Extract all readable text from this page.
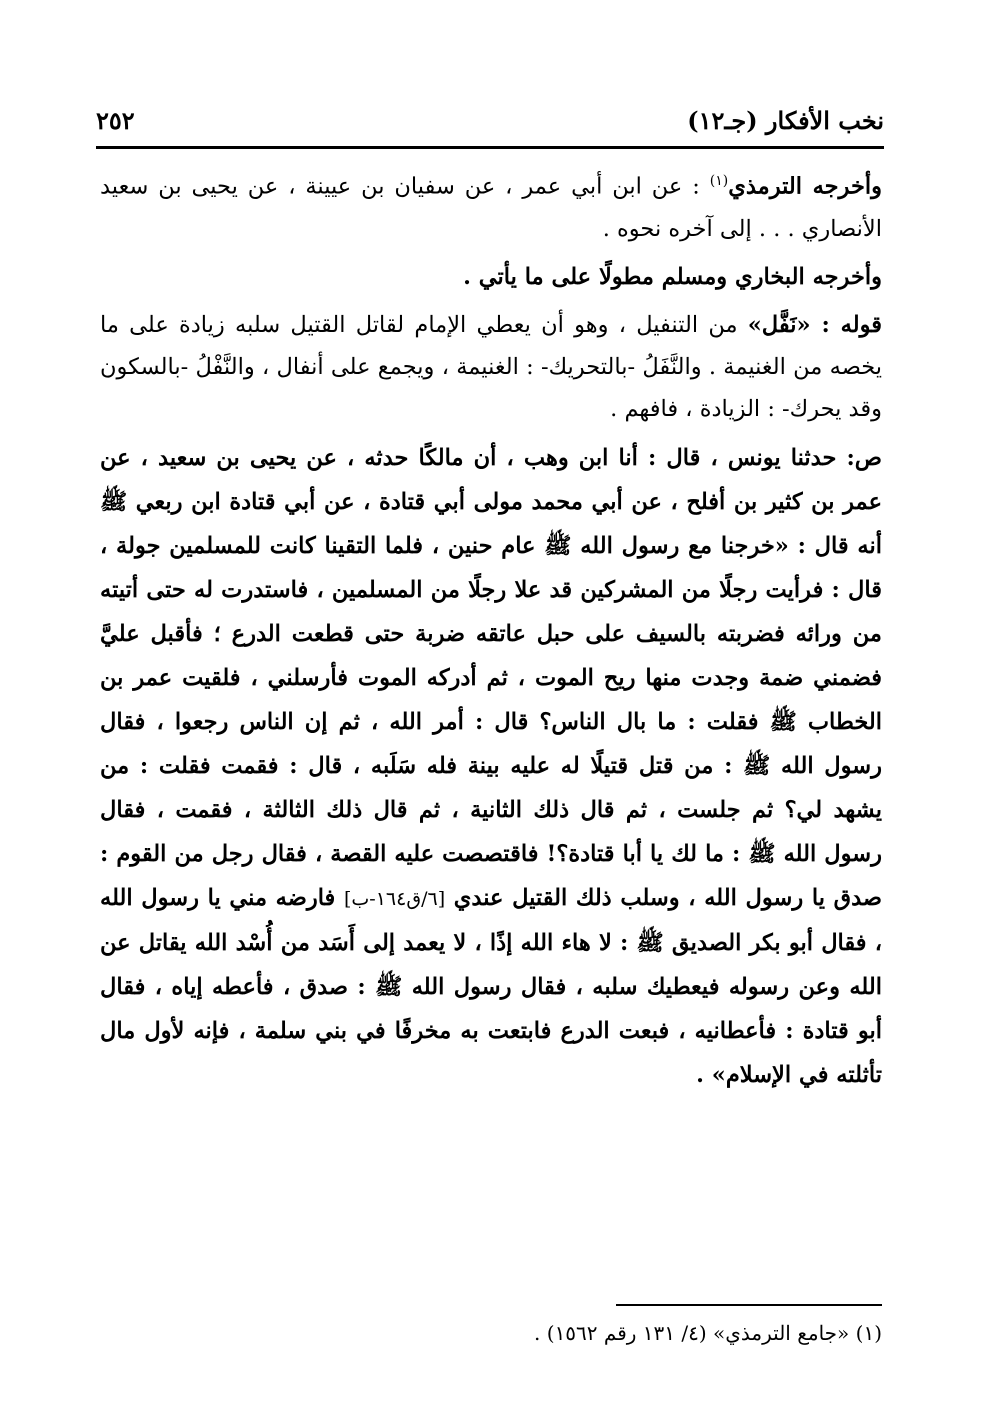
نخب الأفكار (جـ١٢)
٢٥٢

وأخرجه الترمذي$^{(١)}$ : عن ابن أبي عمر ، عن سفيان بن عيينة ، عن يحيى بن سعيد الأنصاري . . . إلى آخره نحوه .

وأخرجه البخاري ومسلم مطولًا على ما يأتي .

قوله : «نَفَّل» من التنفيل ، وهو أن يعطي الإمام لقاتل القتيل سلبه زيادة على ما يخصه من الغنيمة . والنَّفَلُ -بالتحريك- : الغنيمة ، ويجمع على أنفال ، والنَّفْلُ -بالسكون وقد يحرك- : الزيادة ، فافهم .

ص: حدثنا يونس ، قال : أنا ابن وهب ، أن مالكًا حدثه ، عن يحيى بن سعيد ، عن عمر بن كثير بن أفلح ، عن أبي محمد مولى أبي قتادة ، عن أبي قتادة ابن ربعي ﷺ أنه قال : «خرجنا مع رسول الله ﷺ عام حنين ، فلما التقينا كانت للمسلمين جولة ، قال : فرأيت رجلًا من المشركين قد علا رجلًا من المسلمين ، فاستدرت له حتى أتيته من ورائه فضربته بالسيف على حبل عاتقه ضربة حتى قطعت الدرع ؛ فأقبل عليَّ فضمني ضمة وجدت منها ريح الموت ، ثم أدركه الموت فأرسلني ، فلقيت عمر بن الخطاب ﷺ فقلت : ما بال الناس؟ قال : أمر الله ، ثم إن الناس رجعوا ، فقال رسول الله ﷺ : من قتل قتيلًا له عليه بينة فله سَلَبه ، قال : فقمت فقلت : من يشهد لي؟ ثم جلست ، ثم قال ذلك الثانية ، ثم قال ذلك الثالثة ، فقمت ، فقال رسول الله ﷺ : ما لك يا أبا قتادة؟! فاقتصصت عليه القصة ، فقال رجل من القوم : صدق يا رسول الله ، وسلب ذلك القتيل عندي [٦/ق١٦٤-ب] فارضه مني يا رسول الله ، فقال أبو بكر الصديق ﷺ : لا هاء الله إذًا ، لا يعمد إلى أَسَد من أُسْد الله يقاتل عن الله وعن رسوله فيعطيك سلبه ، فقال رسول الله ﷺ : صدق ، فأعطه إياه ، فقال أبو قتادة : فأعطانيه ، فبعت الدرع فابتعت به مخرفًا في بني سلمة ، فإنه لأول مال تأثلته في الإسلام» .

(١) «جامع الترمذي» (٤/ ١٣١ رقم ١٥٦٢) .
